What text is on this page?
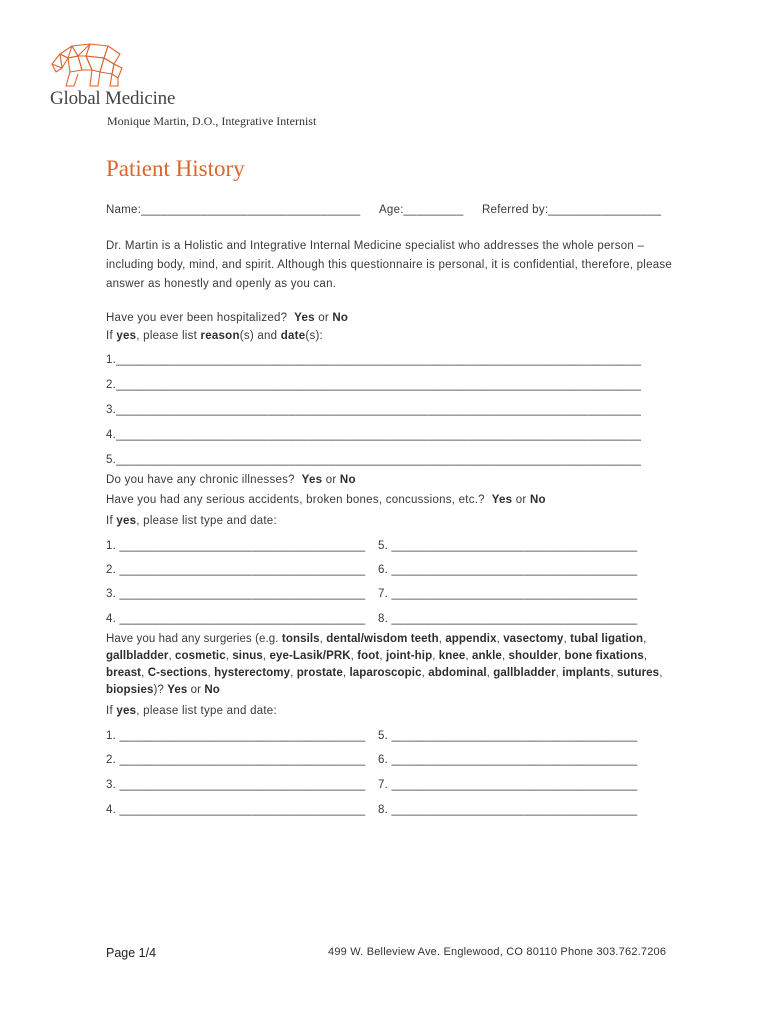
Global Medicine
Monique Martin, D.O., Integrative Internist
Patient History
Name:_________________________________ Age:_________ Referred by:_________________
Dr. Martin is a Holistic and Integrative Internal Medicine specialist who addresses the whole person – including body, mind, and spirit. Although this questionnaire is personal, it is confidential, therefore, please answer as honestly and openly as you can.
Have you ever been hospitalized? Yes or No
If yes, please list reason(s) and date(s):
1._______________________________________________________________________________
2._______________________________________________________________________________
3._______________________________________________________________________________
4._______________________________________________________________________________
5._______________________________________________________________________________
Do you have any chronic illnesses? Yes or No
Have you had any serious accidents, broken bones, concussions, etc.? Yes or No
If yes, please list type and date:
1. _____________________________________ 5. _____________________________________
2. _____________________________________ 6. _____________________________________
3. _____________________________________ 7. _____________________________________
4. _____________________________________ 8. _____________________________________
Have you had any surgeries (e.g. tonsils, dental/wisdom teeth, appendix, vasectomy, tubal ligation, gallbladder, cosmetic, sinus, eye-Lasik/PRK, foot, joint-hip, knee, ankle, shoulder, bone fixations, breast, C-sections, hysterectomy, prostate, laparoscopic, abdominal, gallbladder, implants, sutures, biopsies)? Yes or No
If yes, please list type and date:
1. _____________________________________ 5. _____________________________________
2. _____________________________________ 6. _____________________________________
3. _____________________________________ 7. _____________________________________
4. _____________________________________ 8. _____________________________________
Page 1/4	499 W. Belleview Ave. Englewood, CO 80110 Phone 303.762.7206
